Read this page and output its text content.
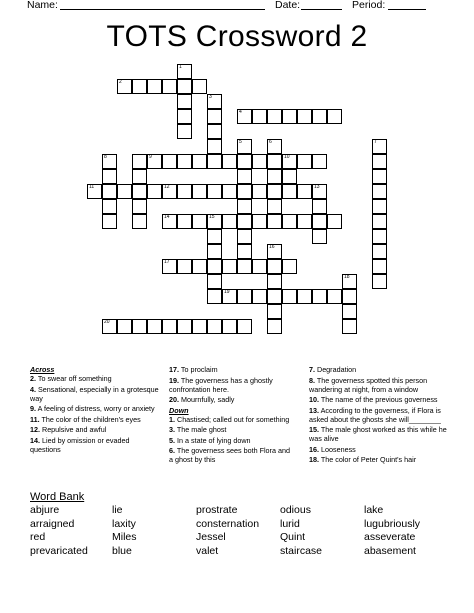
Name:	Date:	Period:
TOTS Crossword 2
2
4
9	10
11	12	13
14	15
17
19
20
1
3
5	6	7
8
16
18
Across
2. To swear off something
4. Sensational, especially in a grotesque way
9. A feeling of distress, worry or anxiety
11. The color of the children's eyes
12. Repulsive and awful
14. Lied by omission or evaded questions
17. To proclaim
19. The governess has a ghostly confrontation here.
20. Mournfully, sadly
Down
1. Chastised; called out for something
3. The male ghost
5. In a state of lying down
6. The governess sees both Flora and a ghost by this
7. Degradation
8. The governess spotted this person wandering at night, from a window
10. The name of the previous governess
13. According to the governess, if Flora is asked about the ghosts she will________
15. The male ghost worked as this while he was alive
16. Looseness
18. The color of Peter Quint's hair
Word Bank
abjure	lie	prostrate	odious	lake
arraigned	laxity	consternation	lurid	lugubriously
red	Miles	Jessel	Quint	asseverate
prevaricated	blue	valet	staircase	abasement
